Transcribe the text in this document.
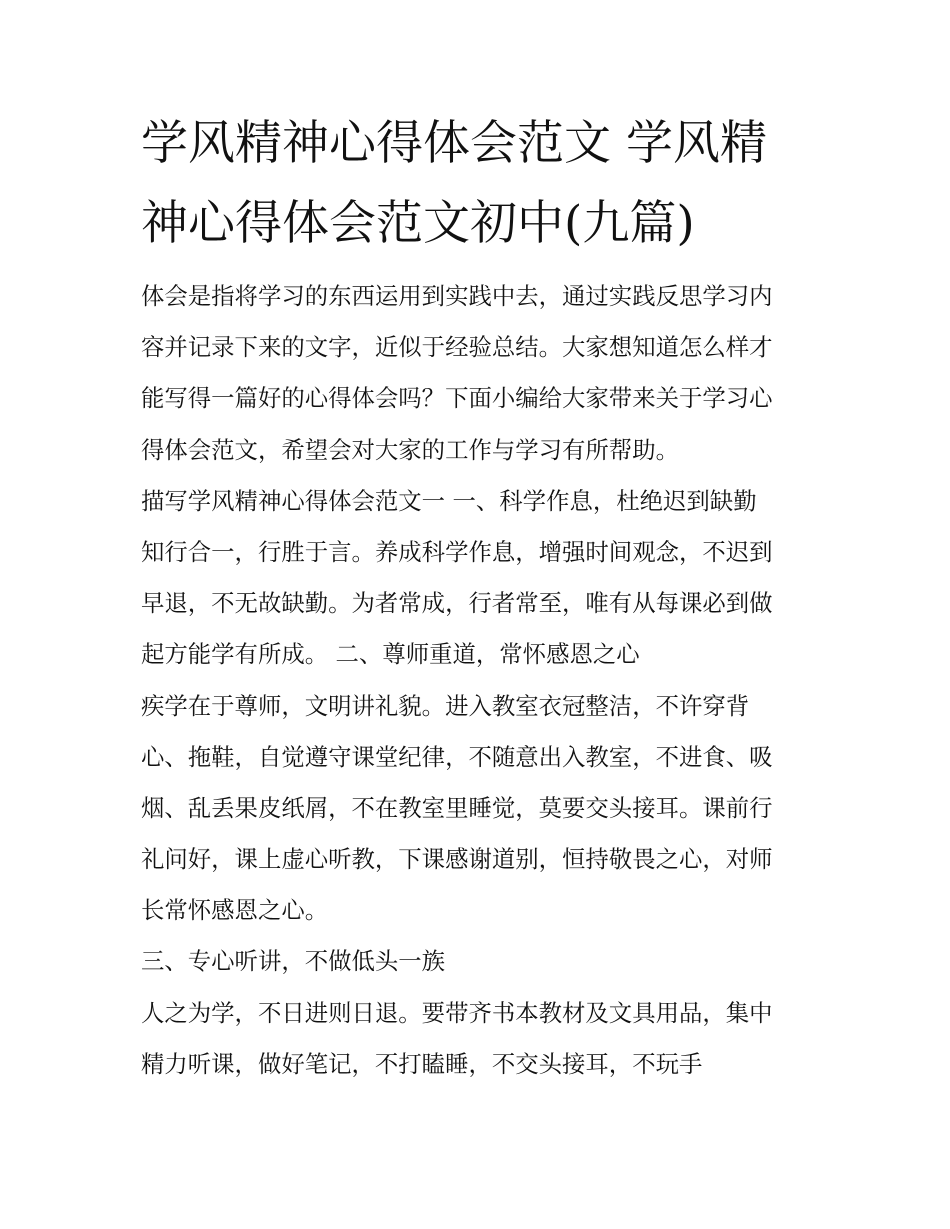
学风精神心得体会范文 学风精
神心得体会范文初中(九篇)
体会是指将学习的东西运用到实践中去，通过实践反思学习内
容并记录下来的文字，近似于经验总结。大家想知道怎么样才
能写得一篇好的心得体会吗？下面小编给大家带来关于学习心
得体会范文，希望会对大家的工作与学习有所帮助。
描写学风精神心得体会范文一 一、科学作息，杜绝迟到缺勤
知行合一，行胜于言。养成科学作息，增强时间观念，不迟到
早退，不无故缺勤。为者常成，行者常至，唯有从每课必到做
起方能学有所成。 二、尊师重道，常怀感恩之心
疾学在于尊师，文明讲礼貌。进入教室衣冠整洁，不许穿背
心、拖鞋，自觉遵守课堂纪律，不随意出入教室，不进食、吸
烟、乱丢果皮纸屑，不在教室里睡觉，莫要交头接耳。课前行
礼问好，课上虚心听教，下课感谢道别，恒持敬畏之心，对师
长常怀感恩之心。
三、专心听讲，不做低头一族
人之为学，不日进则日退。要带齐书本教材及文具用品，集中
精力听课，做好笔记，不打瞌睡，不交头接耳，不玩手
